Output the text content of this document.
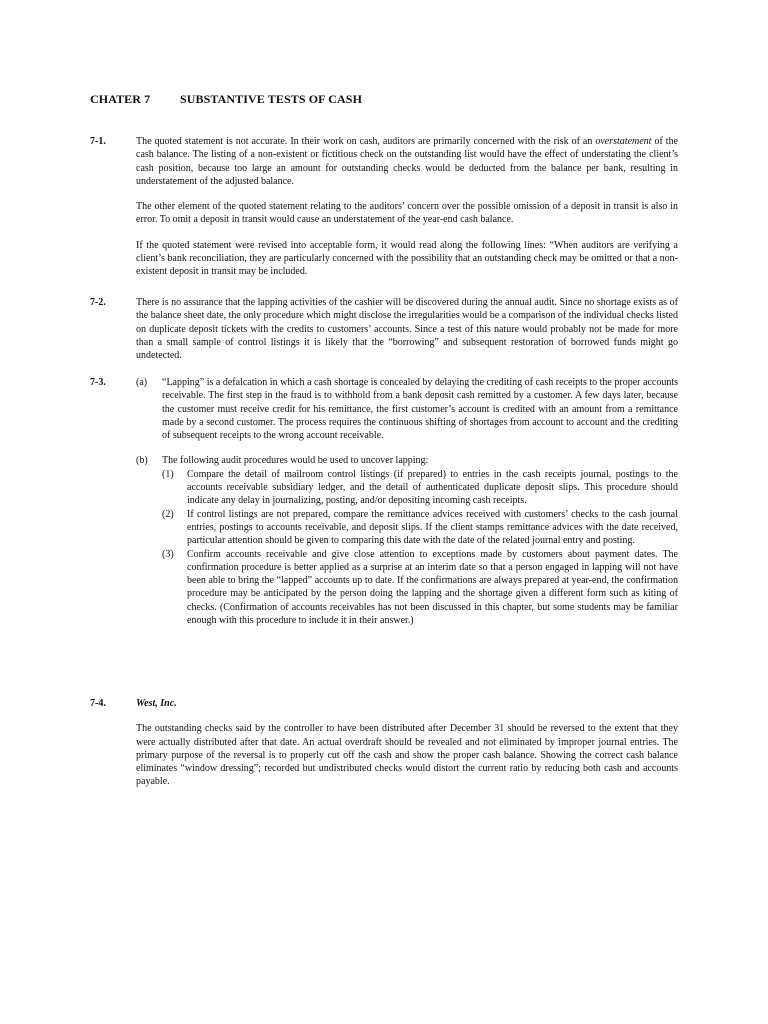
CHATER 7 SUBSTANTIVE TESTS OF CASH
7-1.	The quoted statement is not accurate. In their work on cash, auditors are primarily concerned with the risk of an overstatement of the cash balance. The listing of a non-existent or fictitious check on the outstanding list would have the effect of understating the client’s cash position, because too large an amount for outstanding checks would be deducted from the balance per bank, resulting in understatement of the adjusted balance.

The other element of the quoted statement relating to the auditors’ concern over the possible omission of a deposit in transit is also in error. To omit a deposit in transit would cause an understatement of the year-end cash balance.

If the quoted statement were revised into acceptable form, it would read along the following lines: “When auditors are verifying a client’s bank reconciliation, they are particularly concerned with the possibility that an outstanding check may be omitted or that a non-existent deposit in transit may be included.

7-2.	There is no assurance that the lapping activities of the cashier will be discovered during the annual audit. Since no shortage exists as of the balance sheet date, the only procedure which might disclose the irregularities would be a comparison of the individual checks listed on duplicate deposit tickets with the credits to customers’ accounts. Since a test of this nature would probably not be made for more than a small sample of control listings it is likely that the “borrowing” and subsequent restoration of borrowed funds might go undetected.

7-3.	(a) “Lapping” is a defalcation in which a cash shortage is concealed by delaying the crediting of cash receipts to the proper accounts receivable. The first step in the fraud is to withhold from a bank deposit cash remitted by a customer. A few days later, because the customer must receive credit for his remittance, the first customer’s account is credited with an amount from a remittance made by a second customer. The process requires the continuous shifting of shortages from account to account and the crediting of subsequent receipts to the wrong account receivable.
(b) The following audit procedures would be used to uncover lapping:
(1) Compare the detail of mailroom control listings (if prepared) to entries in the cash receipts journal, postings to the accounts receivable subsidiary ledger, and the detail of authenticated duplicate deposit slips. This procedure should indicate any delay in journalizing, posting, and/or depositing incoming cash receipts.
(2) If control listings are not prepared, compare the remittance advices received with customers’ checks to the cash journal entries, postings to accounts receivable, and deposit slips. If the client stamps remittance advices with the date received, particular attention should be given to comparing this date with the date of the related journal entry and posting.
(3) Confirm accounts receivable and give close attention to exceptions made by customers about payment dates. The confirmation procedure is better applied as a surprise at an interim date so that a person engaged in lapping will not have been able to bring the “lapped” accounts up to date. If the confirmations are always prepared at year-end, the confirmation procedure may be anticipated by the person doing the lapping and the shortage given a different form such as kiting of checks. (Confirmation of accounts receivables has not been discussed in this chapter, but some students may be familiar enough with this procedure to include it in their answer.)
7-4.	West, Inc.

The outstanding checks said by the controller to have been distributed after December 31 should be reversed to the extent that they were actually distributed after that date. An actual overdraft should be revealed and not eliminated by improper journal entries. The primary purpose of the reversal is to properly cut off the cash and show the proper cash balance. Showing the correct cash balance eliminates “window dressing”; recorded but undistributed checks would distort the current ratio by reducing both cash and accounts payable.
